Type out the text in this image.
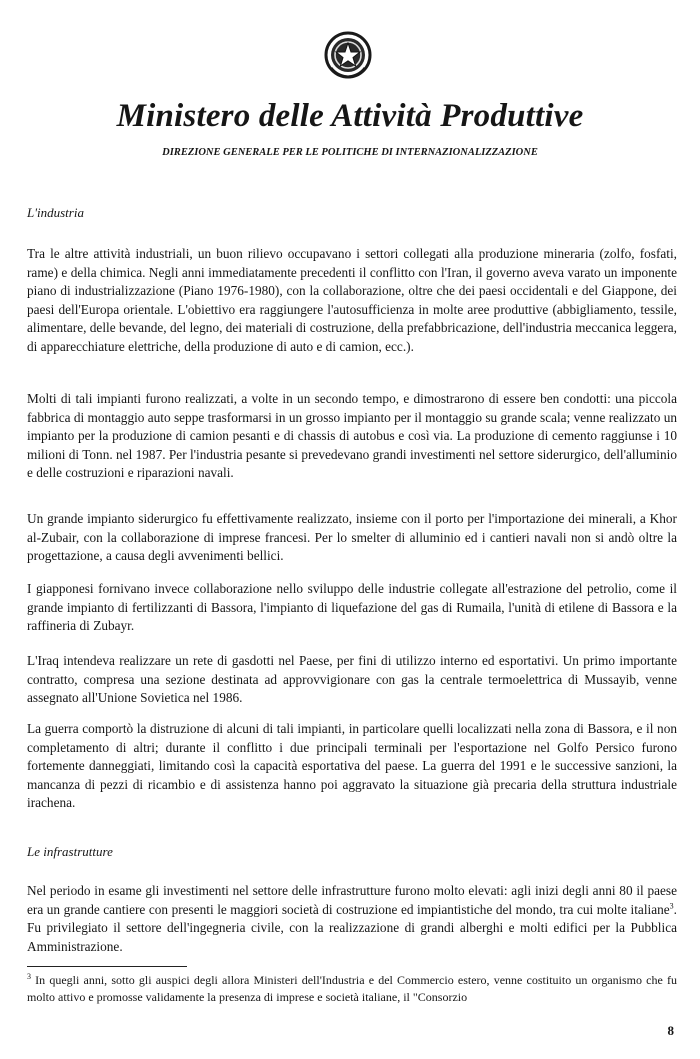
Ministero delle Attività Produttive
DIREZIONE GENERALE PER LE POLITICHE DI INTERNAZIONALIZZAZIONE
L'industria

Tra le altre attività industriali, un buon rilievo occupavano i settori collegati alla produzione mineraria (zolfo, fosfati, rame) e della chimica. Negli anni immediatamente precedenti il conflitto con l'Iran, il governo aveva varato un imponente piano di industrializzazione (Piano 1976-1980), con la collaborazione, oltre che dei paesi occidentali e del Giappone, dei paesi dell'Europa orientale. L'obiettivo era raggiungere l'autosufficienza in molte aree produttive (abbigliamento, tessile, alimentare, delle bevande, del legno, dei materiali di costruzione, della prefabbricazione, dell'industria meccanica leggera, di apparecchiature elettriche, della produzione di auto e di camion, ecc.).

Molti di tali impianti furono realizzati, a volte in un secondo tempo, e dimostrarono di essere ben condotti: una piccola fabbrica di montaggio auto seppe trasformarsi in un grosso impianto per il montaggio su grande scala; venne realizzato un impianto per la produzione di camion pesanti e di chassis di autobus e così via. La produzione di cemento raggiunse i 10 milioni di Tonn. nel 1987. Per l'industria pesante si prevedevano grandi investimenti nel settore siderurgico, dell'alluminio e delle costruzioni e riparazioni navali.

Un grande impianto siderurgico fu effettivamente realizzato, insieme con il porto per l'importazione dei minerali, a Khor al-Zubair, con la collaborazione di imprese francesi. Per lo smelter di alluminio ed i cantieri navali non si andò oltre la progettazione, a causa degli avvenimenti bellici.

I giapponesi fornivano invece collaborazione nello sviluppo delle industrie collegate all'estrazione del petrolio, come il grande impianto di fertilizzanti di Bassora, l'impianto di liquefazione del gas di Rumaila, l'unità di etilene di Bassora e la raffineria di Zubayr.

L'Iraq intendeva realizzare un rete di gasdotti nel Paese, per fini di utilizzo interno ed esportativi. Un primo importante contratto, compresa una sezione destinata ad approvvigionare con gas la centrale termoelettrica di Mussayib, venne assegnato all'Unione Sovietica nel 1986.

La guerra comportò la distruzione di alcuni di tali impianti, in particolare quelli localizzati nella zona di Bassora, e il non completamento di altri; durante il conflitto i due principali terminali per l'esportazione nel Golfo Persico furono fortemente danneggiati, limitando così la capacità esportativa del paese. La guerra del 1991 e le successive sanzioni, la mancanza di pezzi di ricambio e di assistenza hanno poi aggravato la situazione già precaria della struttura industriale irachena.

Le infrastrutture

Nel periodo in esame gli investimenti nel settore delle infrastrutture furono molto elevati: agli inizi degli anni 80 il paese era un grande cantiere con presenti le maggiori società di costruzione ed impiantistiche del mondo, tra cui molte italiane$^3$. Fu privilegiato il settore dell'ingegneria civile, con la realizzazione di grandi alberghi e molti edifici per la Pubblica Amministrazione.

$^3$ In quegli anni, sotto gli auspici degli allora Ministeri dell'Industria e del Commercio estero, venne costituito un organismo che fu molto attivo e promosse validamente la presenza di imprese e società italiane, il "Consorzio

8
